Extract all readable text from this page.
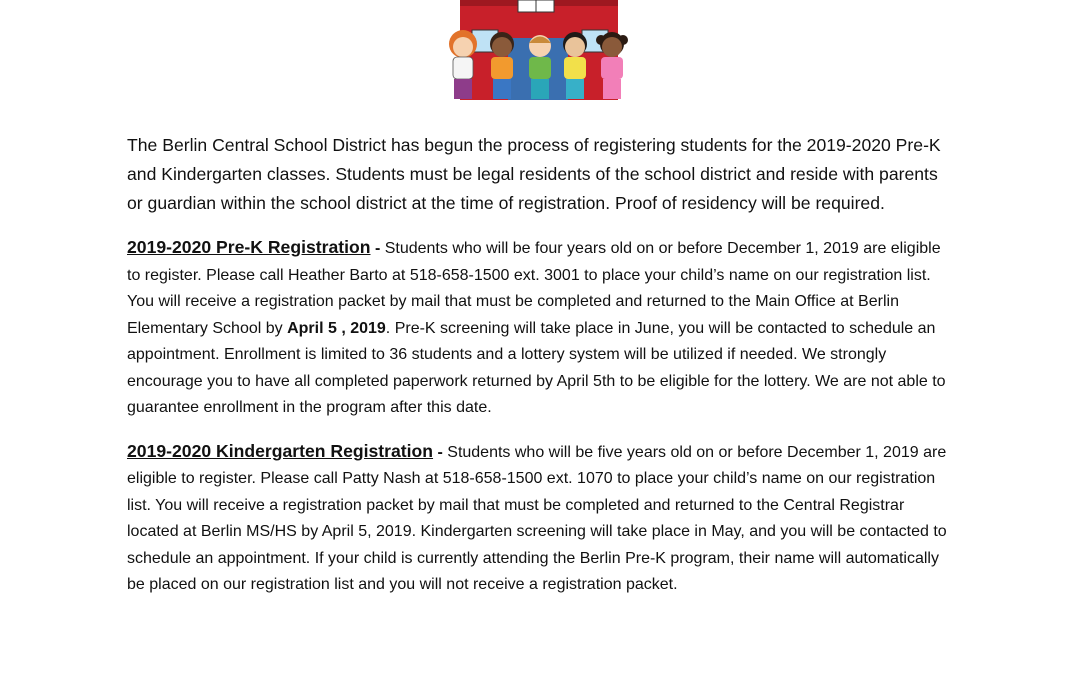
The Berlin Central School District has begun the process of registering students for the 2019-2020 Pre-K and Kindergarten classes. Students must be legal residents of the school district and reside with parents or guardian within the school district at the time of registration. Proof of residency will be required.

2019-2020 Pre-K Registration - Students who will be four years old on or before December 1, 2019 are eligible to register. Please call Heather Barto at 518-658-1500 ext. 3001 to place your child’s name on our registration list. You will receive a registration packet by mail that must be completed and returned to the Main Office at Berlin Elementary School by April 5 , 2019. Pre-K screening will take place in June, you will be contacted to schedule an appointment. Enrollment is limited to 36 students and a lottery system will be utilized if needed. We strongly encourage you to have all completed paperwork returned by April 5th to be eligible for the lottery. We are not able to guarantee enrollment in the program after this date.

2019-2020 Kindergarten Registration - Students who will be five years old on or before December 1, 2019 are eligible to register. Please call Patty Nash at 518-658-1500 ext. 1070 to place your child’s name on our registration list. You will receive a registration packet by mail that must be completed and returned to the Central Registrar located at Berlin MS/HS by April 5, 2019. Kindergarten screening will take place in May, and you will be contacted to schedule an appointment. If your child is currently attending the Berlin Pre-K program, their name will automatically be placed on our registration list and you will not receive a registration packet.
